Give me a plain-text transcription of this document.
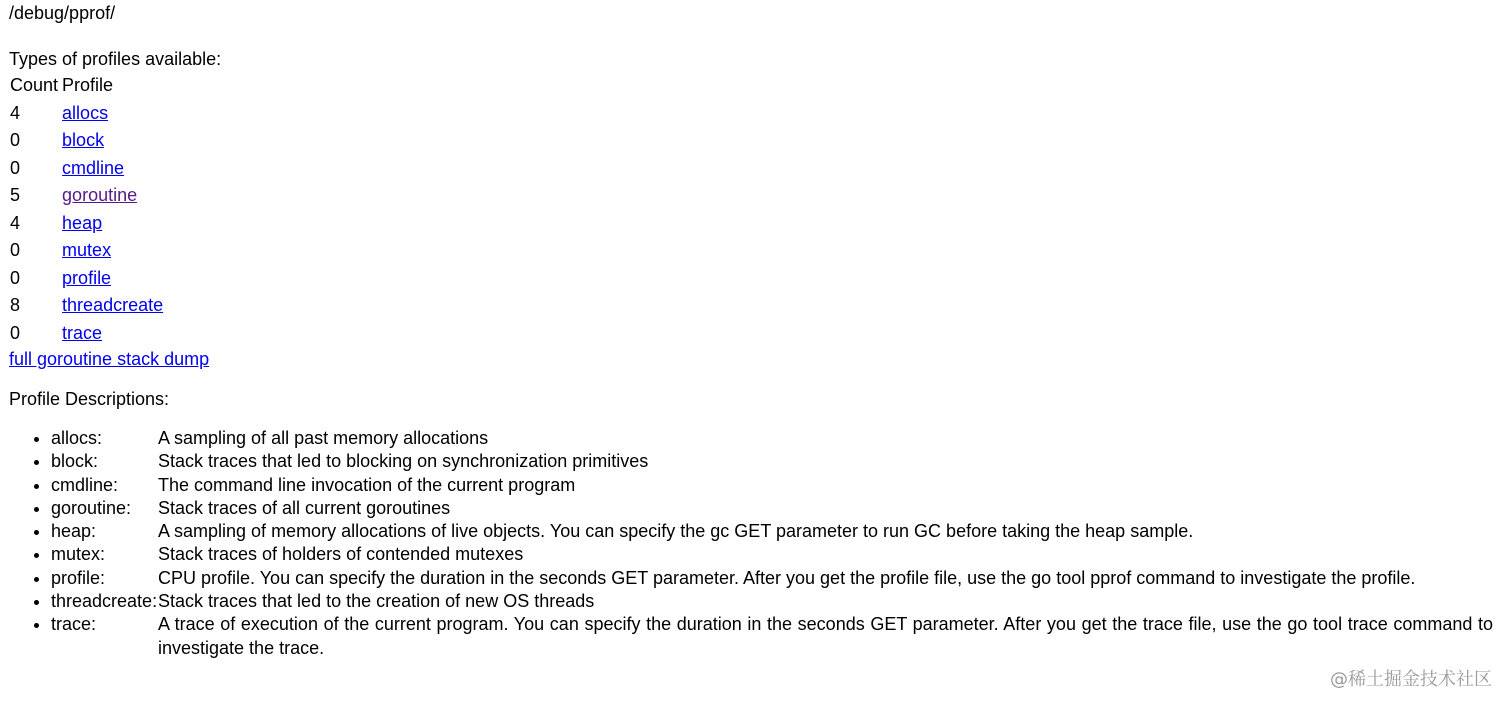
/debug/pprof/
Types of profiles available:
Count	Profile
4	allocs
0	block
0	cmdline
5	goroutine
4	heap
0	mutex
0	profile
8	threadcreate
0	trace
full goroutine stack dump
Profile Descriptions:
• allocs:	A sampling of all past memory allocations
• block:	Stack traces that led to blocking on synchronization primitives
• cmdline:	The command line invocation of the current program
• goroutine:	Stack traces of all current goroutines
• heap:	A sampling of memory allocations of live objects. You can specify the gc GET parameter to run GC before taking the heap sample.
• mutex:	Stack traces of holders of contended mutexes
• profile:	CPU profile. You can specify the duration in the seconds GET parameter. After you get the profile file, use the go tool pprof command to investigate the profile.
• threadcreate: Stack traces that led to the creation of new OS threads
• trace:	A trace of execution of the current program. You can specify the duration in the seconds GET parameter. After you get the trace file, use the go tool trace command to investigate the trace.
@稀土掘金技术社区
